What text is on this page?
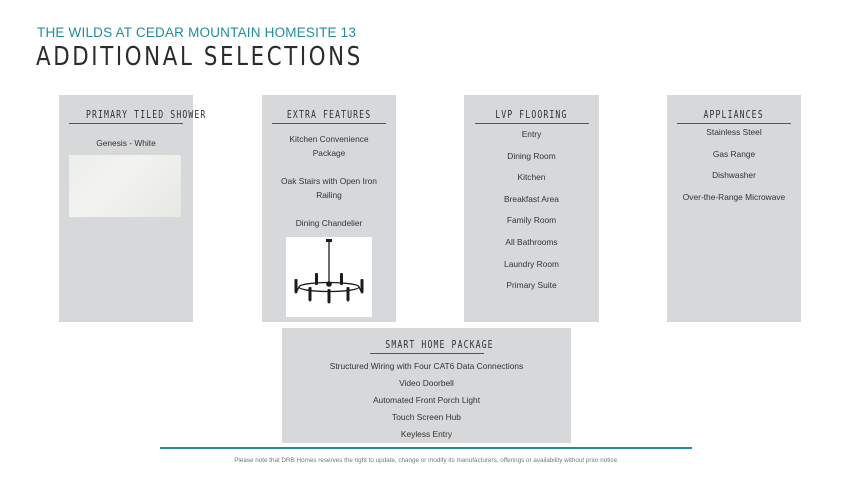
THE WILDS AT CEDAR MOUNTAIN HOMESITE 13
ADDITIONAL SELECTIONS
PRIMARY TILED SHOWER
Genesis - White
EXTRA FEATURES
Kitchen Convenience
Package
Oak Stairs with Open Iron
Railing
Dining Chandelier
LVP FLOORING
Entry
Dining Room
Kitchen
Breakfast Area
Family Room
All Bathrooms
Laundry Room
Primary Suite
APPLIANCES
Stainless Steel
Gas Range
Dishwasher
Over-the-Range Microwave
SMART HOME PACKAGE
Structured Wiring with Four CAT6 Data Connections
Video Doorbell
Automated Front Porch Light
Touch Screen Hub
Keyless Entry
Please note that DRB Homes reserves the right to update, change or modify its manufacturers, offerings or availability without prior notice.
